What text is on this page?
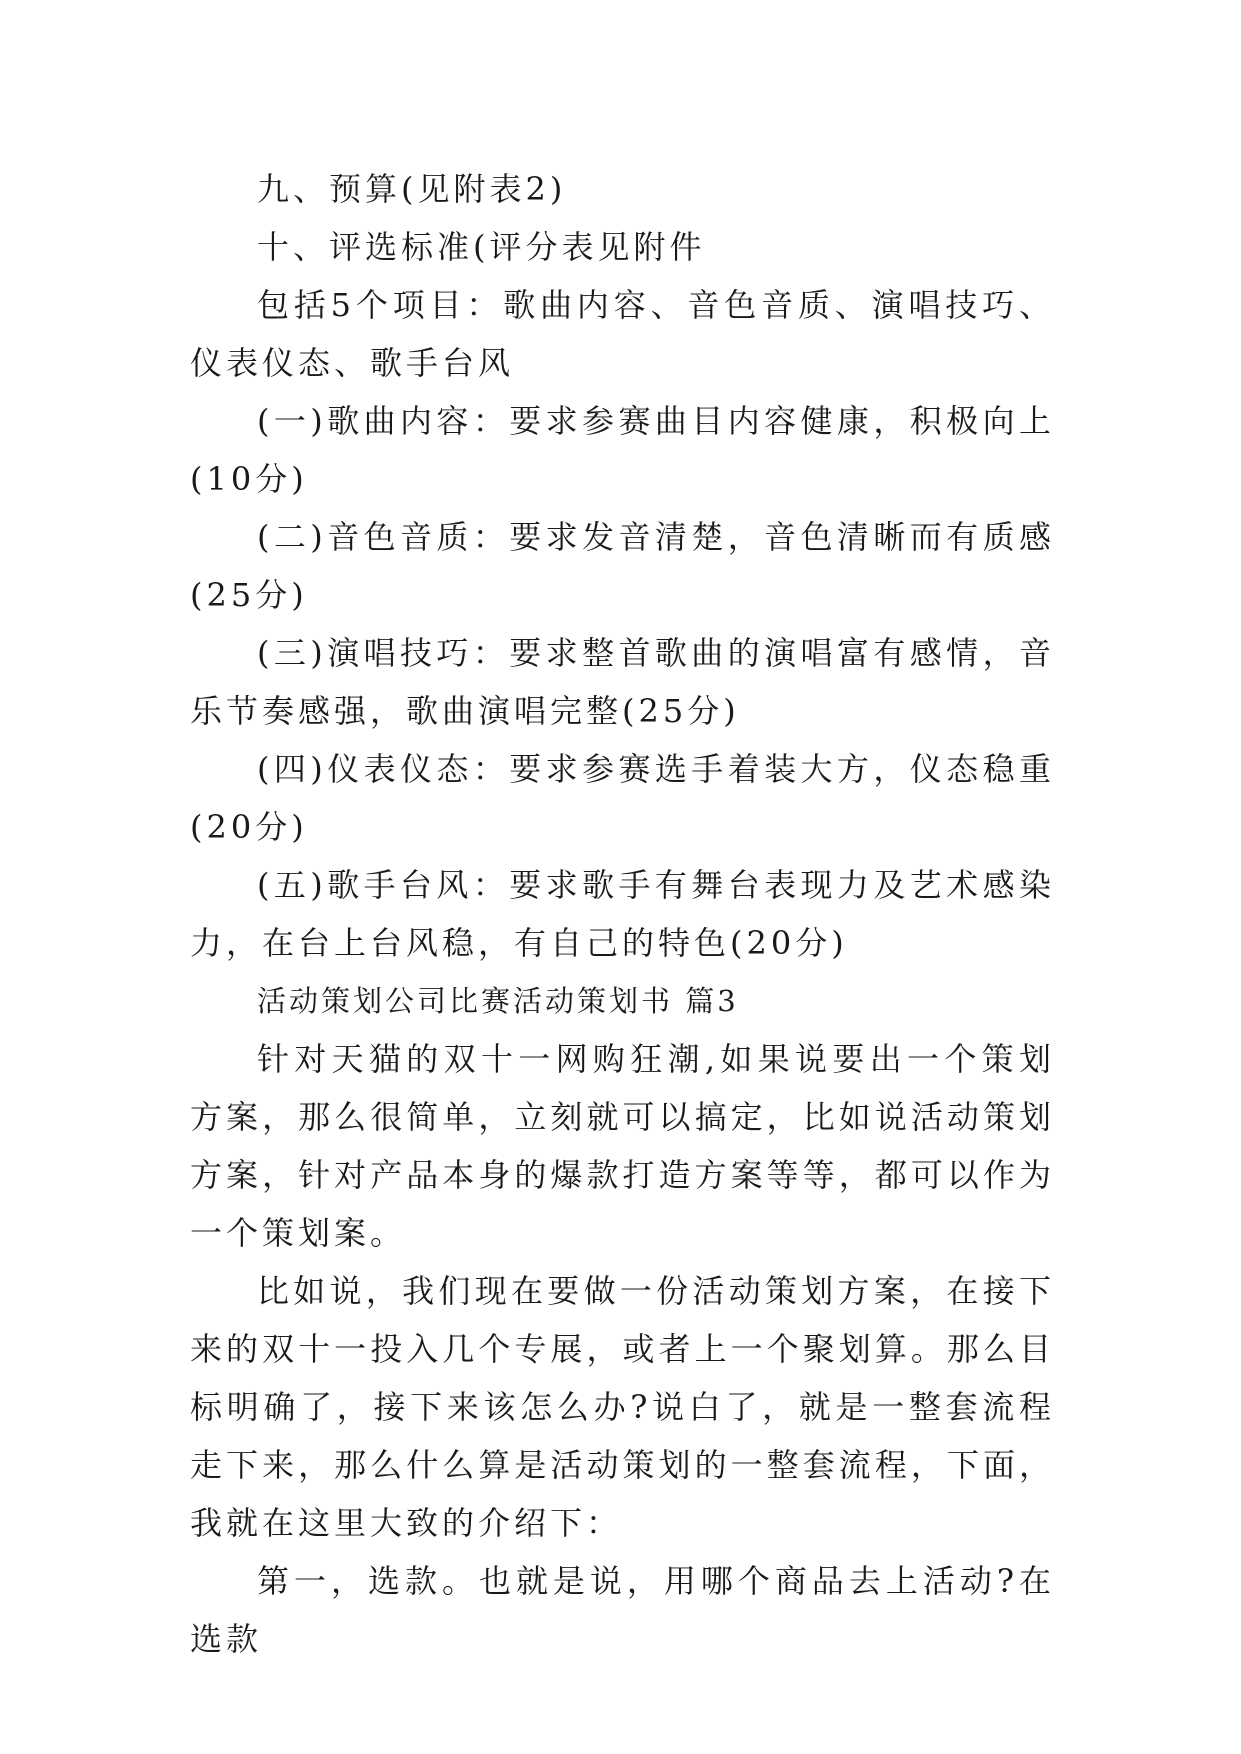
九、预算(见附表2)

十、评选标准(评分表见附件

包括5个项目：歌曲内容、音色音质、演唱技巧、仪表仪态、歌手台风

(一)歌曲内容：要求参赛曲目内容健康，积极向上(10分)

(二)音色音质：要求发音清楚，音色清晰而有质感(25分)

(三)演唱技巧：要求整首歌曲的演唱富有感情，音乐节奏感强，歌曲演唱完整(25分)

(四)仪表仪态：要求参赛选手着装大方，仪态稳重(20分)

(五)歌手台风：要求歌手有舞台表现力及艺术感染力，在台上台风稳，有自己的特色(20分)

活动策划公司比赛活动策划书 篇3

针对天猫的双十一网购狂潮,如果说要出一个策划方案，那么很简单，立刻就可以搞定，比如说活动策划方案，针对产品本身的爆款打造方案等等，都可以作为一个策划案。

比如说，我们现在要做一份活动策划方案，在接下来的双十一投入几个专展，或者上一个聚划算。那么目标明确了，接下来该怎么办?说白了，就是一整套流程走下来，那么什么算是活动策划的一整套流程，下面，我就在这里大致的介绍下：

第一，选款。也就是说，用哪个商品去上活动?在选款
